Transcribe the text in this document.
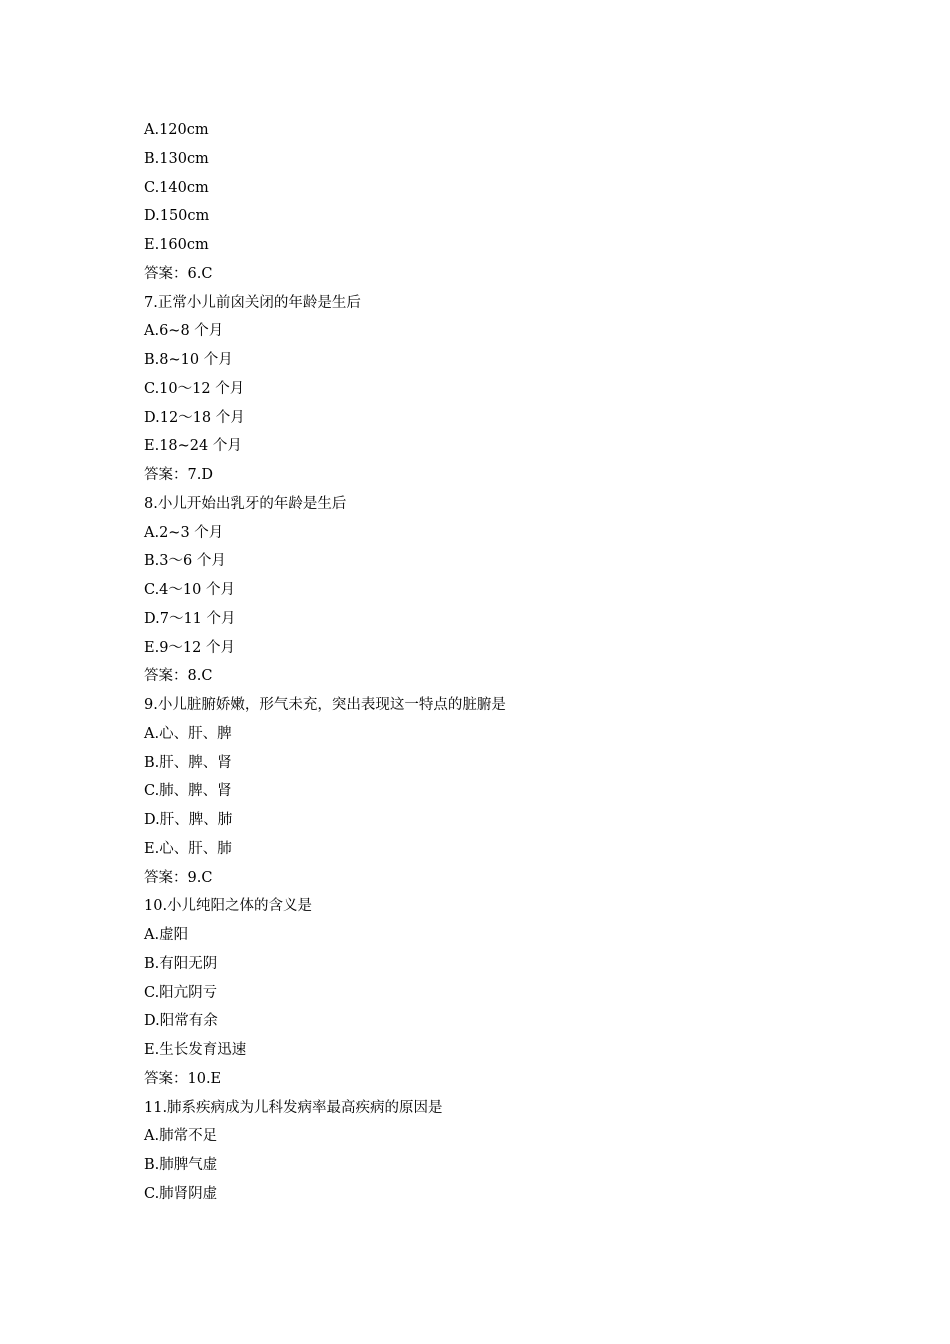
A.120cm
B.130cm
C.140cm
D.150cm
E.160cm
答案：6.C
7.正常小儿前囟关闭的年龄是生后
A.6~8 个月
B.8~10 个月
C.10～12 个月
D.12～18 个月
E.18~24 个月
答案：7.D
8.小儿开始出乳牙的年龄是生后
A.2~3 个月
B.3～6 个月
C.4～10 个月
D.7～11 个月
E.9～12 个月
答案：8.C
9.小儿脏腑娇嫩，形气未充，突出表现这一特点的脏腑是
A.心、肝、脾
B.肝、脾、肾
C.肺、脾、肾
D.肝、脾、肺
E.心、肝、肺
答案：9.C
10.小儿纯阳之体的含义是
A.虚阳
B.有阳无阴
C.阳亢阴亏
D.阳常有余
E.生长发育迅速
答案：10.E
11.肺系疾病成为儿科发病率最高疾病的原因是
A.肺常不足
B.肺脾气虚
C.肺肾阴虚
